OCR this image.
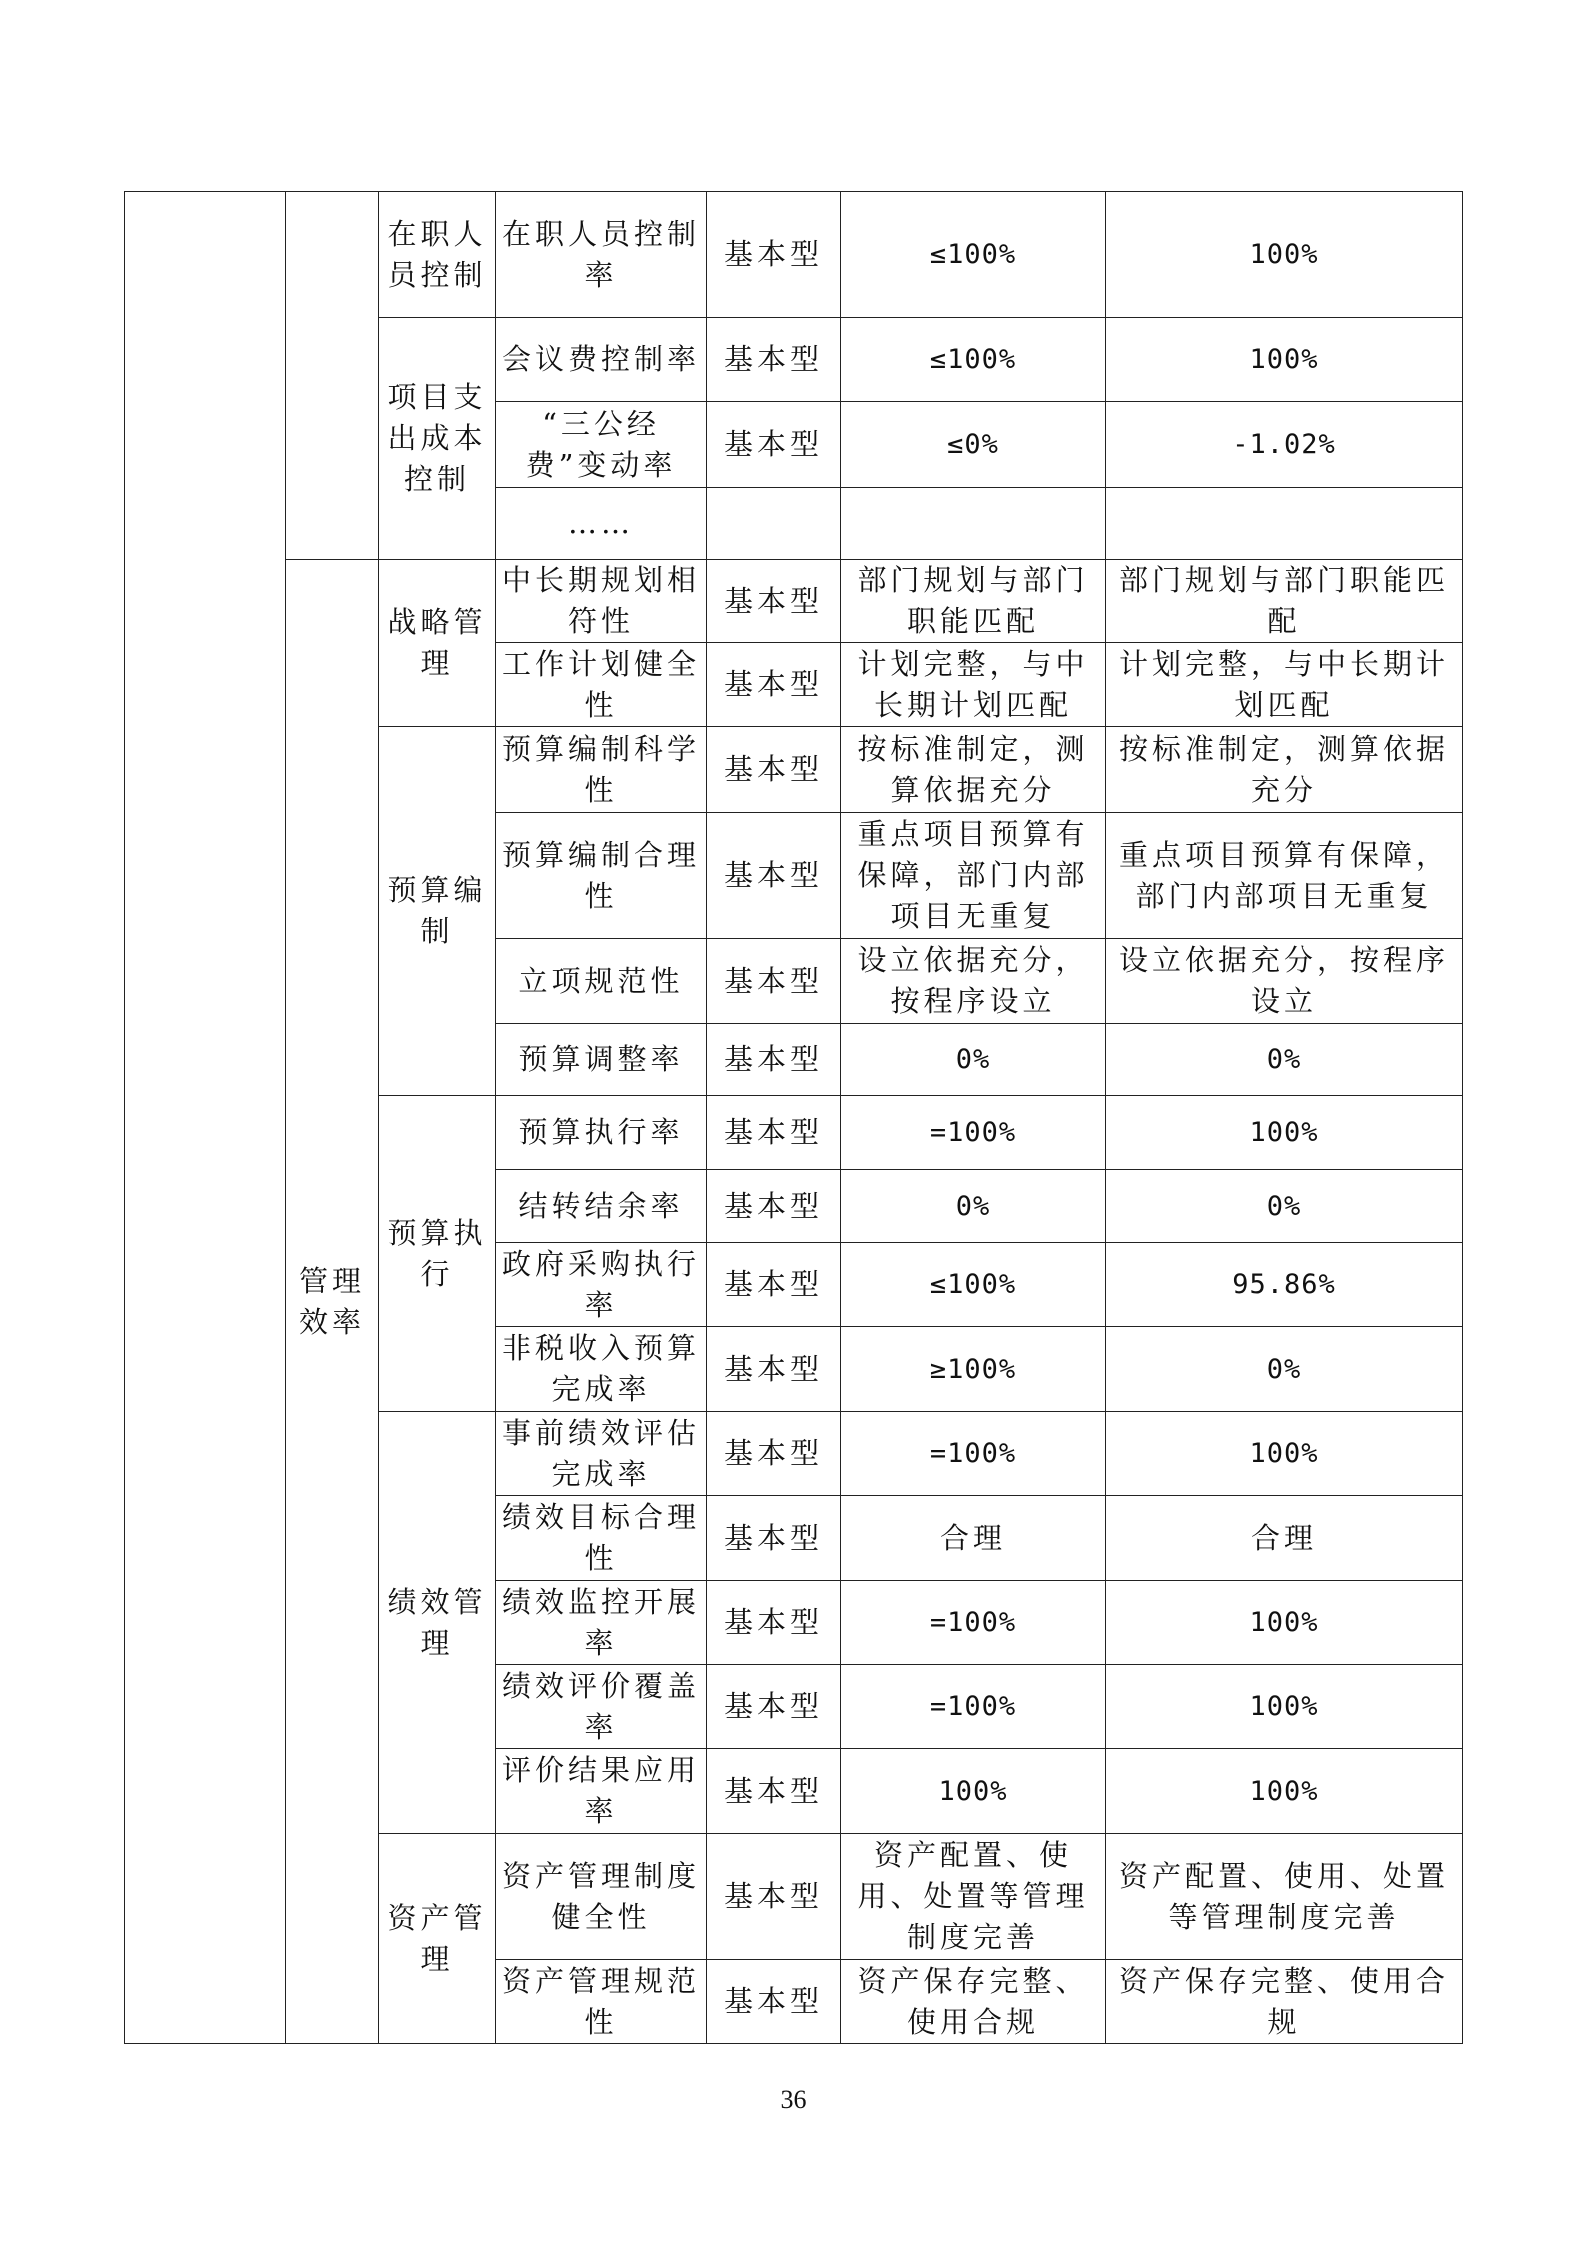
		在职人员控制	在职人员控制率	基本型	≤100%	100%
		项目支出成本控制	会议费控制率	基本型	≤100%	100%
			“三公经费”变动率	基本型	≤0%	-1.02%
			……			
	管理效率	战略管理	中长期规划相符性	基本型	部门规划与部门职能匹配	部门规划与部门职能匹配
			工作计划健全性	基本型	计划完整，与中长期计划匹配	计划完整，与中长期计划匹配
		预算编制	预算编制科学性	基本型	按标准制定，测算依据充分	按标准制定，测算依据充分
			预算编制合理性	基本型	重点项目预算有保障，部门内部项目无重复	重点项目预算有保障，部门内部项目无重复
			立项规范性	基本型	设立依据充分，按程序设立	设立依据充分，按程序设立
			预算调整率	基本型	0%	0%
		预算执行	预算执行率	基本型	=100%	100%
			结转结余率	基本型	0%	0%
			政府采购执行率	基本型	≤100%	95.86%
			非税收入预算完成率	基本型	≥100%	0%
		绩效管理	事前绩效评估完成率	基本型	=100%	100%
			绩效目标合理性	基本型	合理	合理
			绩效监控开展率	基本型	=100%	100%
			绩效评价覆盖率	基本型	=100%	100%
			评价结果应用率	基本型	100%	100%
		资产管理	资产管理制度健全性	基本型	资产配置、使用、处置等管理制度完善	资产配置、使用、处置等管理制度完善
			资产管理规范性	基本型	资产保存完整、使用合规	资产保存完整、使用合规
36
